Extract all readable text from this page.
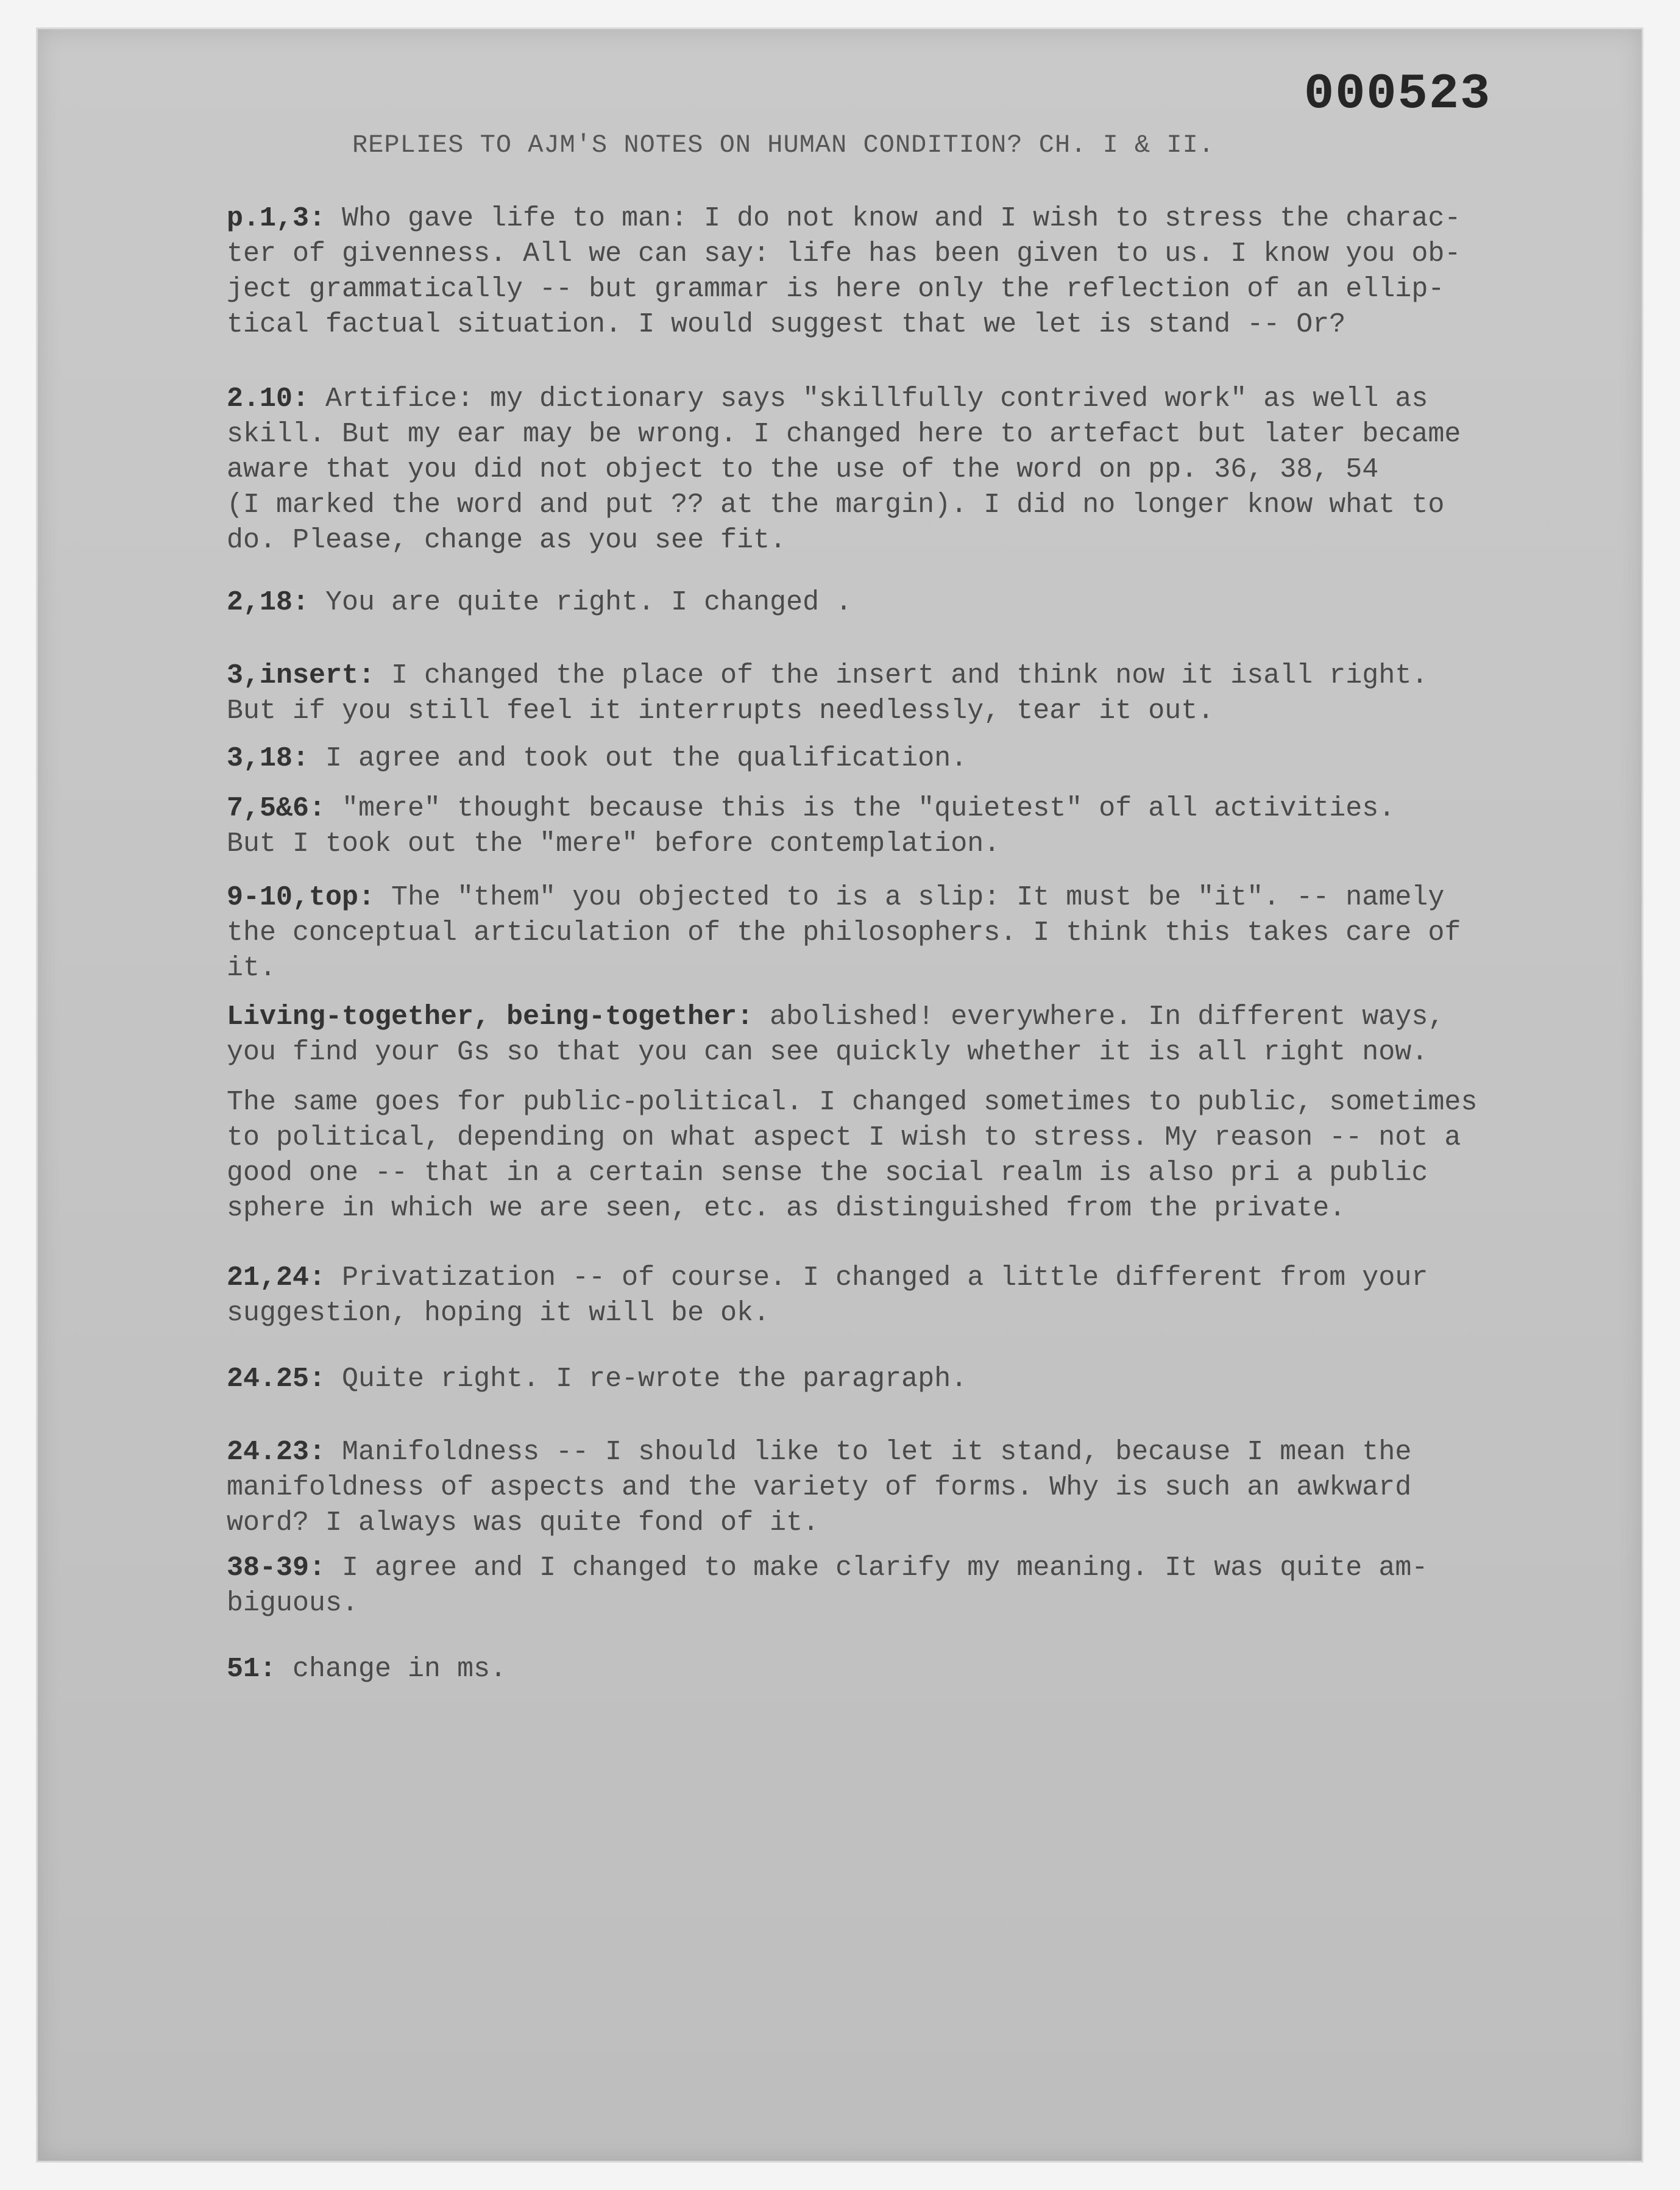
000523
REPLIES TO AJM'S NOTES ON HUMAN CONDITION? CH. I & II.

p.1,3: Who gave life to man: I do not know and I wish to stress the charac-
ter of givenness. All we can say: life has been given to us. I know you ob-
ject grammatically -- but grammar is here only the reflection of an ellip-
tical factual situation. I would suggest that we let is stand -- Or?

2.10: Artifice: my dictionary says "skillfully contrived work" as well as
skill. But my ear may be wrong. I changed here to artefact but later became
aware that you did not object to the use of the word on pp. 36, 38, 54
(I marked the word and put ?? at the margin). I did no longer know what to
do. Please, change as you see fit.

2,18: You are quite right. I changed .

3,insert: I changed the place of the insert and think now it isall right.
But if you still feel it interrupts needlessly, tear it out.

3,18: I agree and took out the qualification.

7,5&6: "mere" thought because this is the "quietest" of all activities.
But I took out the "mere" before contemplation.

9-10,top: The "them" you objected to is a slip: It must be "it". -- namely
the conceptual articulation of the philosophers. I think this takes care of
it.

Living-together, being-together: abolished! everywhere. In different ways,
you find your Gs so that you can see quickly whether it is all right now.

The same goes for public-political. I changed sometimes to public, sometimes
to political, depending on what aspect I wish to stress. My reason -- not a
good one -- that in a certain sense the social realm is also pri a public
sphere in which we are seen, etc. as distinguished from the private.

21,24: Privatization -- of course. I changed a little different from your
suggestion, hoping it will be ok.

24.25: Quite right. I re-wrote the paragraph.

24.23: Manifoldness -- I should like to let it stand, because I mean the
manifoldness of aspects and the variety of forms. Why is such an awkward
word? I always was quite fond of it.

38-39: I agree and I changed to make clarify my meaning. It was quite am-
biguous.

51: change in ms.
